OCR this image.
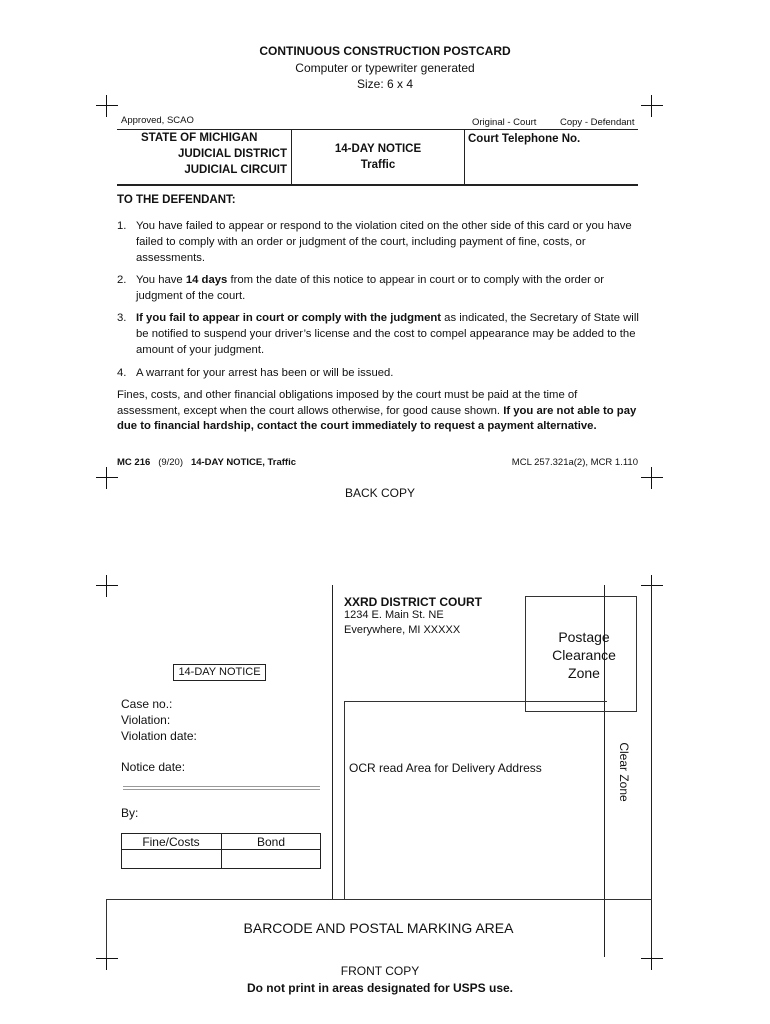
CONTINUOUS CONSTRUCTION POSTCARD
Computer or typewriter generated
Size: 6 x 4
Approved, SCAO	Original - Court Copy - Defendant
STATE OF MICHIGAN
JUDICIAL DISTRICT
JUDICIAL CIRCUIT
14-DAY NOTICE
Traffic
Court Telephone No.
TO THE DEFENDANT:
1. You have failed to appear or respond to the violation cited on the other side of this card or you have failed to comply with an order or judgment of the court, including payment of fine, costs, or assessments.
2. You have 14 days from the date of this notice to appear in court or to comply with the order or judgment of the court.
3. If you fail to appear in court or comply with the judgment as indicated, the Secretary of State will be notified to suspend your driver’s license and the cost to compel appearance may be added to the amount of your judgment.
4. A warrant for your arrest has been or will be issued.
Fines, costs, and other financial obligations imposed by the court must be paid at the time of assessment, except when the court allows otherwise, for good cause shown. If you are not able to pay due to financial hardship, contact the court immediately to request a payment alternative.
MC 216 (9/20) 14-DAY NOTICE, Traffic	MCL 257.321a(2), MCR 1.110
BACK COPY
XXRD DISTRICT COURT
1234 E. Main St. NE
Everywhere, MI XXXXX	Postage Clearance Zone
OCR read Area for Delivery Address	Clear Zone
14-DAY NOTICE
Case no.:
Violation:
Violation date:
Notice date:
By:
Fine/Costs	Bond
BARCODE AND POSTAL MARKING AREA
FRONT COPY
Do not print in areas designated for USPS use.
